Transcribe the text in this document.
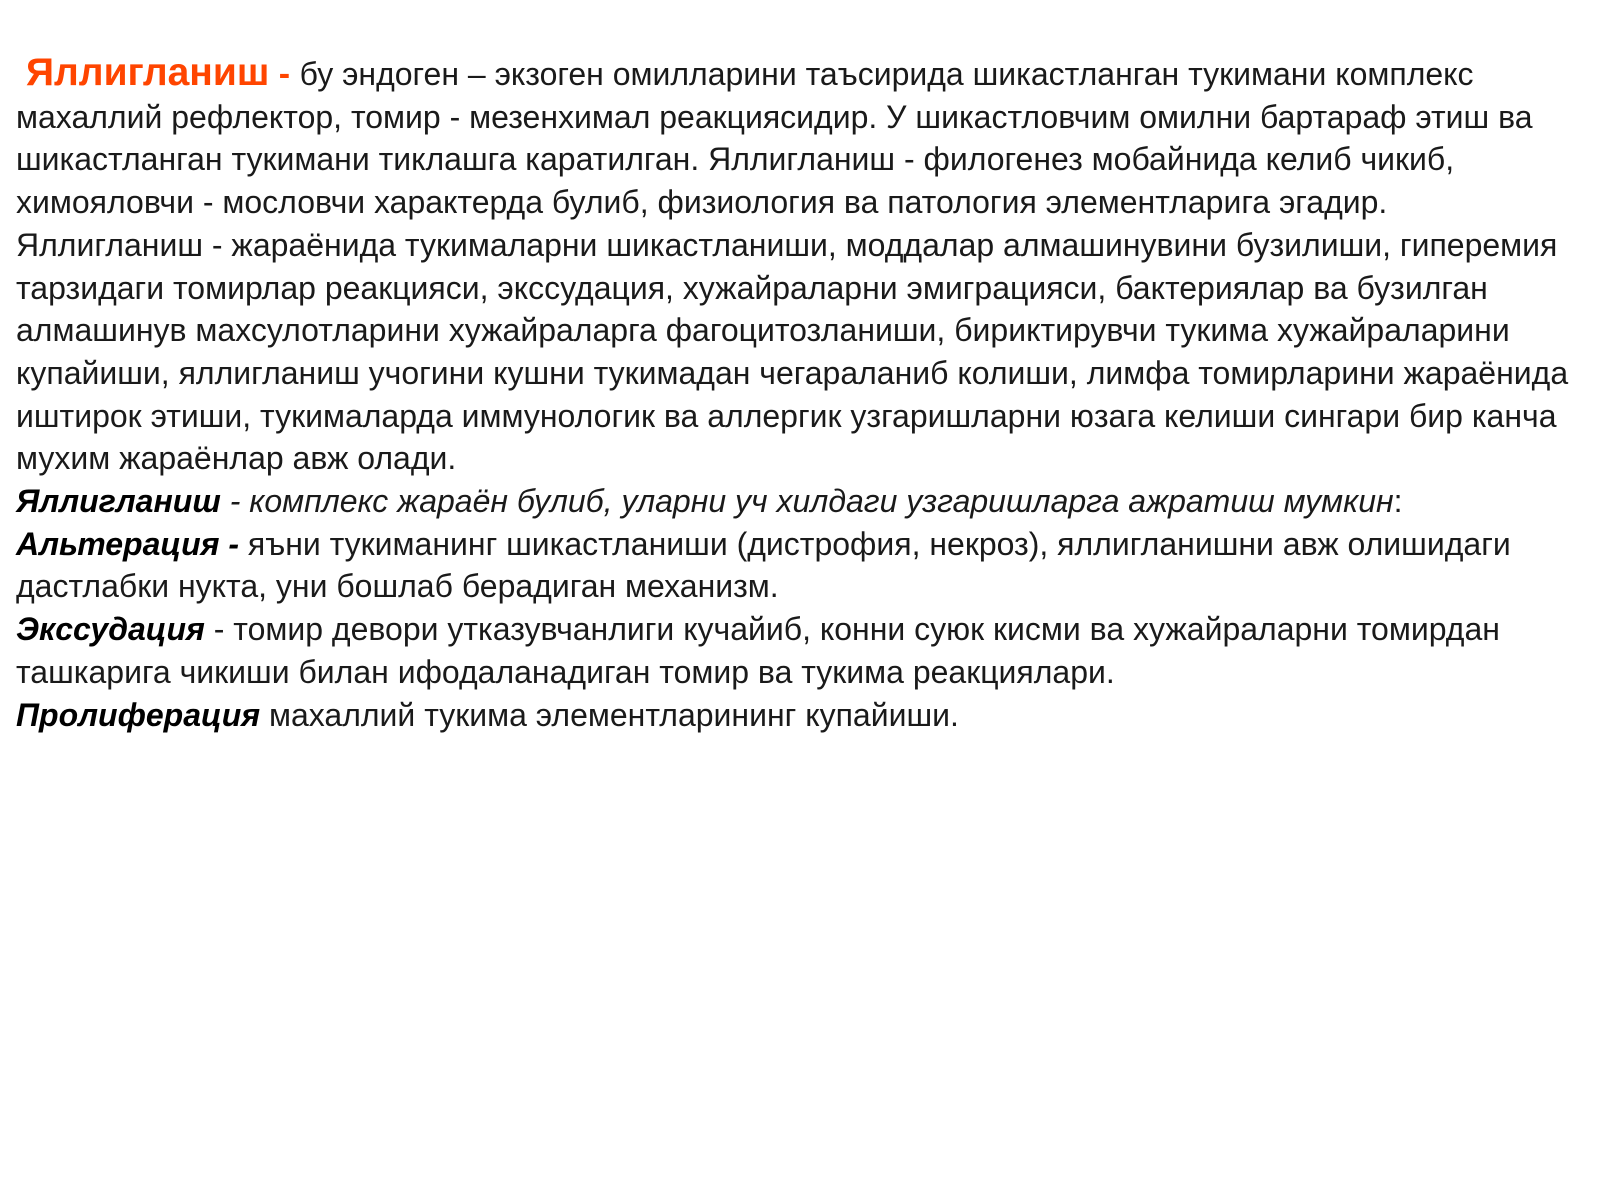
Яллиглaниш - бу эндоген – экзоген омилларини таъсирида шикастланган тукимани комплекс махаллий рефлектор, томир - мезенхимал реакциясидир. У шикастловчим омилни бартараф этиш ва шикастланган тукимани тиклашга каратилган. Яллиглaниш - филогенез мобайнида келиб чикиб, химояловчи - мословчи характерда булиб, физиология ва патология элементларига эгадир.

Яллиглaниш - жараёнида тукималарни шикастланиши, моддалар алмашинувини бузилиши, гиперемия тарзидаги томирлар реакцияси, экссудация, хужайраларни эмиграцияси, бактериялар ва бузилган алмашинув махсулотларини хужайраларга фагоцитозланиши, бириктирувчи тукима хужайраларини купайиши, яллиглaниш учогини кушни тукимадан чегараланиб колиши, лимфа томирларини жараёнида иштирок этиши, тукималарда иммунологик ва аллергик узгаришларни юзага келиши сингари бир канча мухим жараёнлар авж олади.

Яллиглaниш - комплекс жараён булиб, уларни уч хилдаги узгаришларга ажратиш мумкин:

Альтерация - яъни тукиманинг шикастланиши (дистрофия, некроз), яллиглaнишни авж олишидаги дастлабки нукта, уни бошлаб берадиган механизм.

Экссудация - томир девори утказувчанлиги кучайиб, конни суюк кисми ва хужайраларни томирдан ташкарига чикиши билан ифодаланадиган томир ва тукима реакциялари.

Пролиферация махаллий тукима элементларининг купайиши.
